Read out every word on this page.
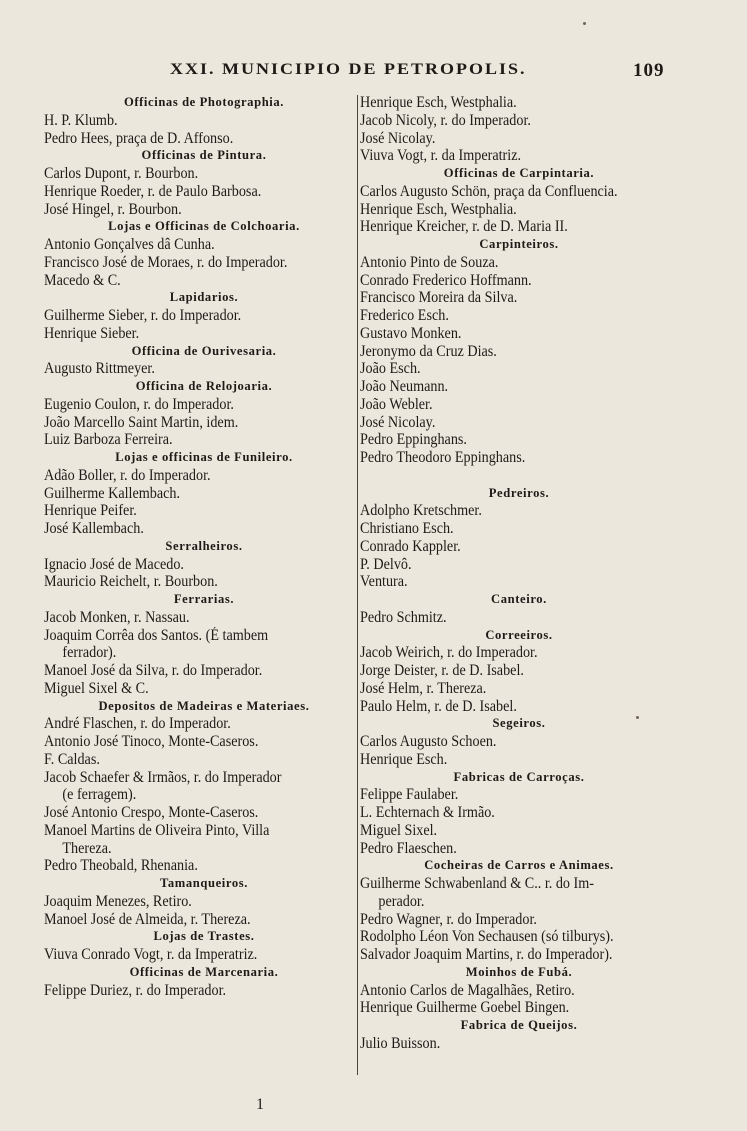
XXI. MUNICIPIO DE PETROPOLIS.	109
Officinas de Photographia.
H. P. Klumb.
Pedro Hees, praça de D. Affonso.
Officinas de Pintura.
Carlos Dupont, r. Bourbon.
Henrique Roeder, r. de Paulo Barbosa.
José Hingel, r. Bourbon.
Lojas e Officinas de Colchoaria.
Antonio Gonçalves dâ Cunha.
Francisco José de Moraes, r. do Imperador.
Macedo & C.
Lapidarios.
Guilherme Sieber, r. do Imperador.
Henrique Sieber.
Officina de Ourivesaria.
Augusto Rittmeyer.
Officina de Relojoaria.
Eugenio Coulon, r. do Imperador.
João Marcello Saint Martin, idem.
Luiz Barboza Ferreira.
Lojas e officinas de Funileiro.
Adão Boller, r. do Imperador.
Guilherme Kallembach.
Henrique Peifer.
José Kallembach.
Serralheiros.
Ignacio José de Macedo.
Mauricio Reichelt, r. Bourbon.
Ferrarias.
Jacob Monken, r. Nassau.
Joaquim Corrêa dos Santos. (É tambem
ferrador).
Manoel José da Silva, r. do Imperador.
Miguel Sixel & C.
Depositos de Madeiras e Materiaes.
André Flaschen, r. do Imperador.
Antonio José Tinoco, Monte-Caseros.
F. Caldas.
Jacob Schaefer & Irmãos, r. do Imperador
(e ferragem).
José Antonio Crespo, Monte-Caseros.
Manoel Martins de Oliveira Pinto, Villa
Thereza.
Pedro Theobald, Rhenania.
Tamanqueiros.
Joaquim Menezes, Retiro.
Manoel José de Almeida, r. Thereza.
Lojas de Trastes.
Viuva Conrado Vogt, r. da Imperatriz.
Officinas de Marcenaria.
Felippe Duriez, r. do Imperador.
Henrique Esch, Westphalia.
Jacob Nicoly, r. do Imperador.
José Nicolay.
Viuva Vogt, r. da Imperatriz.
Officinas de Carpintaria.
Carlos Augusto Schön, praça da Confluencia.
Henrique Esch, Westphalia.
Henrique Kreicher, r. de D. Maria II.
Carpinteiros.
Antonio Pinto de Souza.
Conrado Frederico Hoffmann.
Francisco Moreira da Silva.
Frederico Esch.
Gustavo Monken.
Jeronymo da Cruz Dias.
João Esch.
João Neumann.
João Webler.
José Nicolay.
Pedro Eppinghans.
Pedro Theodoro Eppinghans.
Pedreiros.
Adolpho Kretschmer.
Christiano Esch.
Conrado Kappler.
P. Delvô.
Ventura.
Canteiro.
Pedro Schmitz.
Correeiros.
Jacob Weirich, r. do Imperador.
Jorge Deister, r. de D. Isabel.
José Helm, r. Thereza.
Paulo Helm, r. de D. Isabel.
Segeiros.
Carlos Augusto Schoen.
Henrique Esch.
Fabricas de Carroças.
Felippe Faulaber.
L. Echternach & Irmão.
Miguel Sixel.
Pedro Flaeschen.
Cocheiras de Carros e Animaes.
Guilherme Schwabenland & C.. r. do Im-
perador.
Pedro Wagner, r. do Imperador.
Rodolpho Léon Von Sechausen (só tilburys).
Salvador Joaquim Martins, r. do Imperador).
Moinhos de Fubá.
Antonio Carlos de Magalhães, Retiro.
Henrique Guilherme Goebel Bingen.
Fabrica de Queijos.
Julio Buisson.
1
